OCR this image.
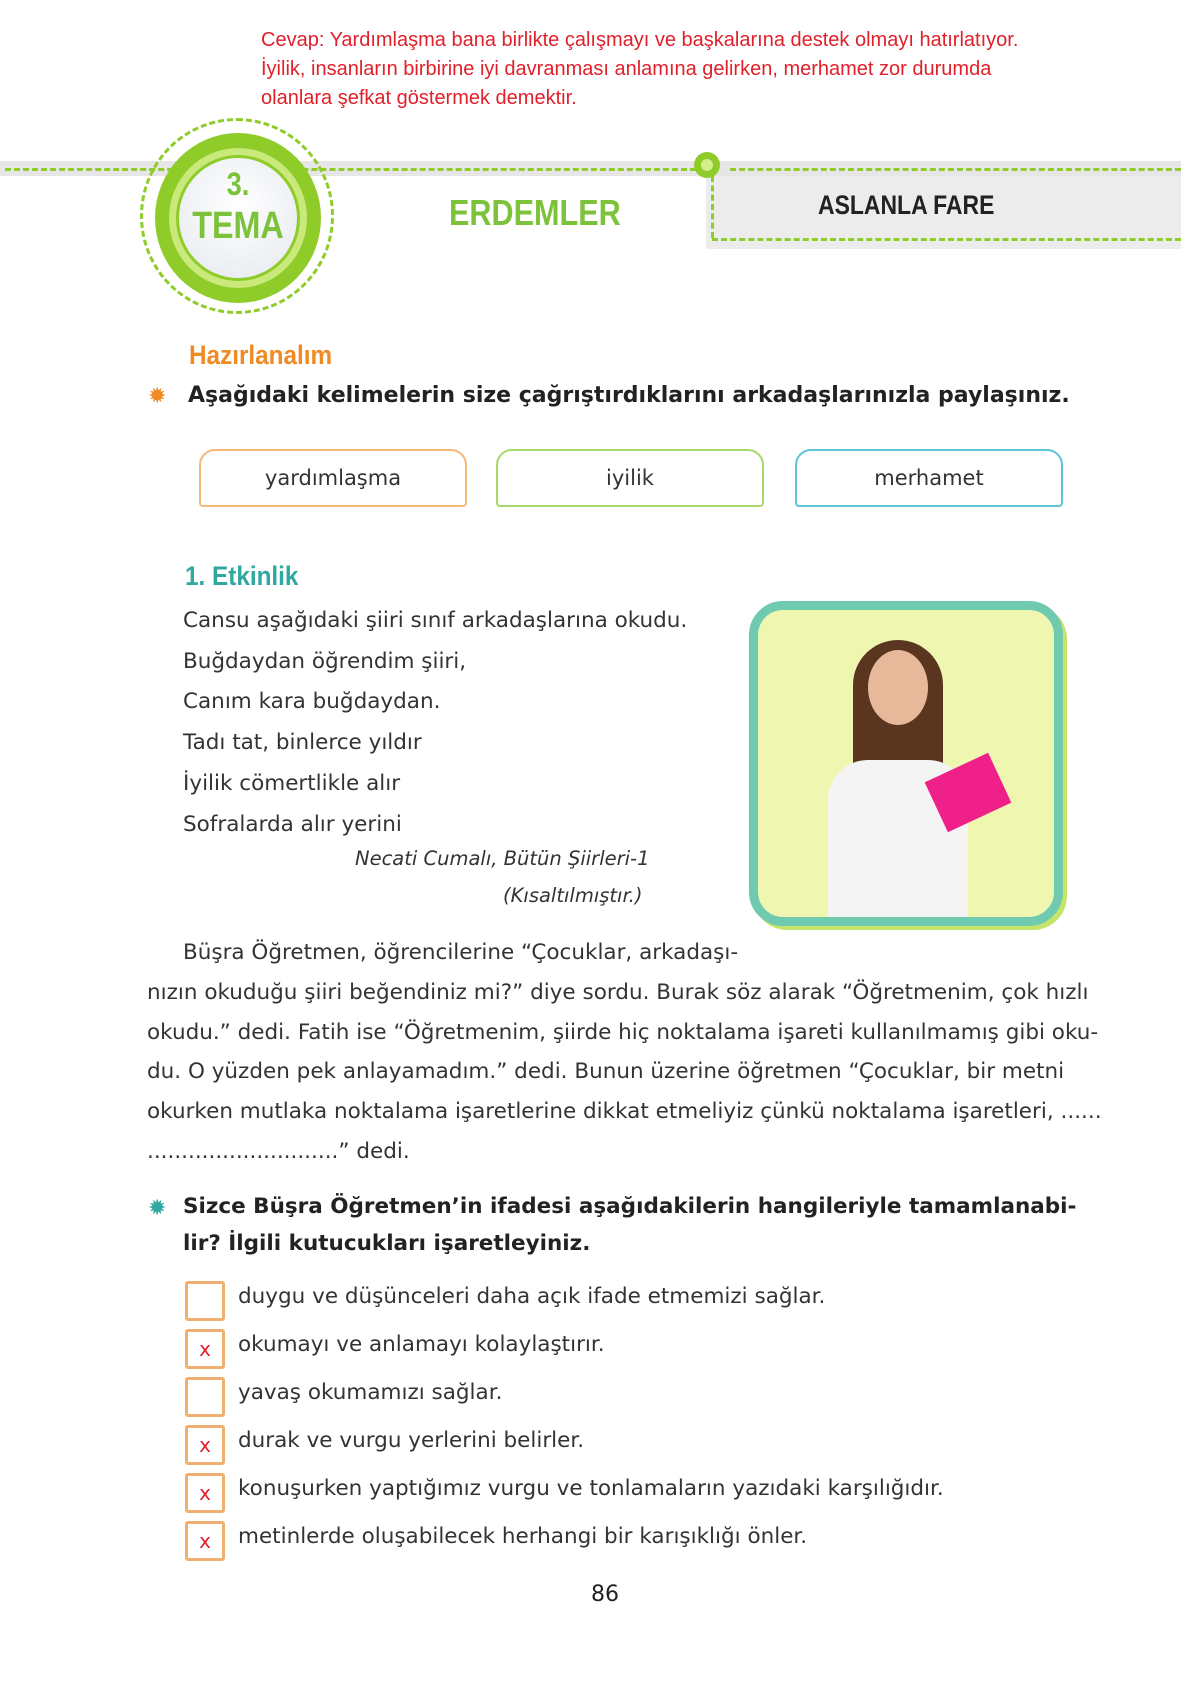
Cevap: Yardımlaşma bana birlikte çalışmayı ve başkalarına destek olmayı hatırlatıyor.
İyilik, insanların birbirine iyi davranması anlamına gelirken, merhamet zor durumda
olanlara şefkat göstermek demektir.
3.
TEMA	ERDEMLER	ASLANLA FARE
Hazırlanalım
✹ Aşağıdaki kelimelerin size çağrıştırdıklarını arkadaşlarınızla paylaşınız.
yardımlaşma	iyilik	merhamet
1. Etkinlik
Cansu aşağıdaki şiiri sınıf arkadaşlarına okudu.
Buğdaydan öğrendim şiiri,
Canım kara buğdaydan.
Tadı tat, binlerce yıldır
İyilik cömertlikle alır
Sofralarda alır yerini
Necati Cumalı, Bütün Şiirleri-1
(Kısaltılmıştır.)
Büşra Öğretmen, öğrencilerine “Çocuklar, arkadaşı-
nızın okuduğu şiiri beğendiniz mi?” diye sordu. Burak söz alarak “Öğretmenim, çok hızlı
okudu.” dedi. Fatih ise “Öğretmenim, şiirde hiç noktalama işareti kullanılmamış gibi oku-
du. O yüzden pek anlayamadım.” dedi. Bunun üzerine öğretmen “Çocuklar, bir metni
okurken mutlaka noktalama işaretlerine dikkat etmeliyiz çünkü noktalama işaretleri, ......
............................” dedi.
✹ Sizce Büşra Öğretmen’in ifadesi aşağıdakilerin hangileriyle tamamlanabi-
lir? İlgili kutucukları işaretleyiniz.
duygu ve düşünceleri daha açık ifade etmemizi sağlar.
x	okumayı ve anlamayı kolaylaştırır.
yavaş okumamızı sağlar.
x	durak ve vurgu yerlerini belirler.
x	konuşurken yaptığımız vurgu ve tonlamaların yazıdaki karşılığıdır.
x	metinlerde oluşabilecek herhangi bir karışıklığı önler.
86
